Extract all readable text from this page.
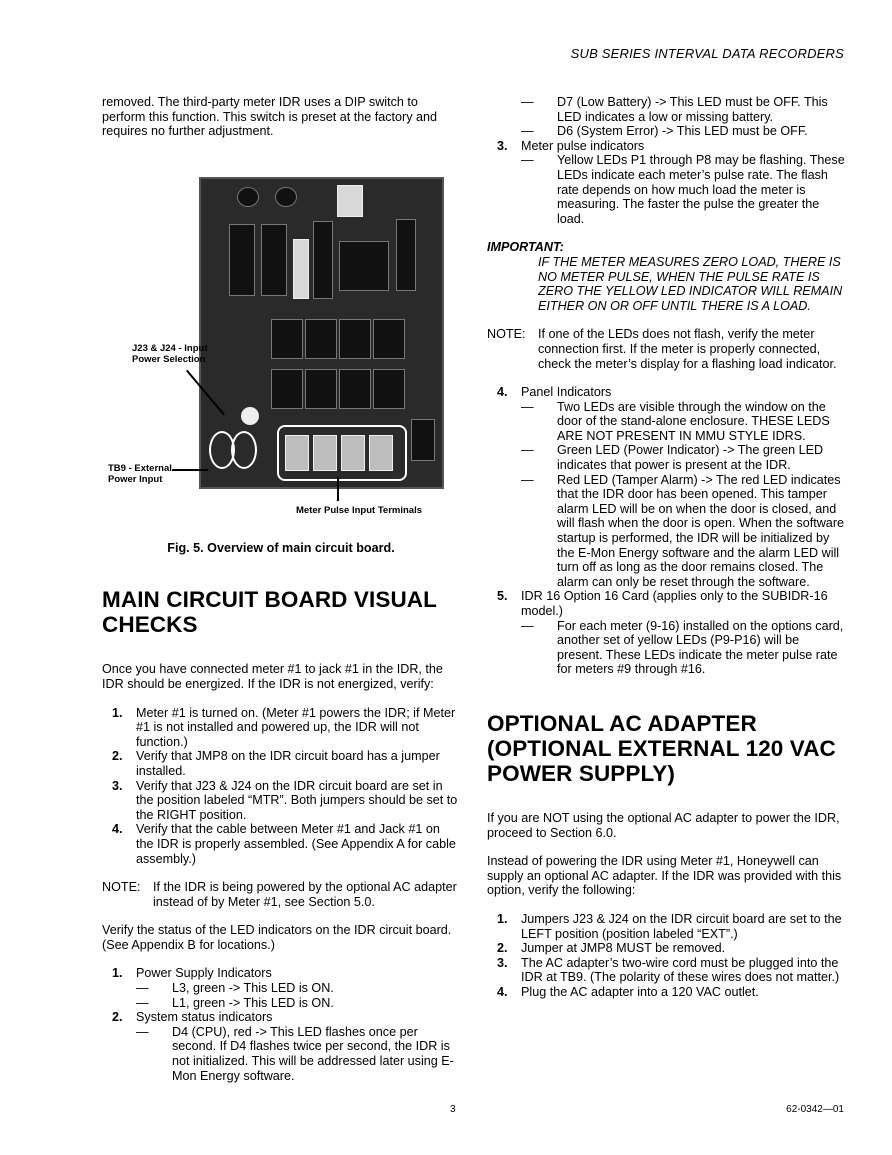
SUB SERIES INTERVAL DATA RECORDERS

removed. The third-party meter IDR uses a DIP switch to perform this function. This switch is preset at the factory and requires no further adjustment.

J23 & J24 - Input Power Selection
TB9 - External Power Input
Meter Pulse Input Terminals
Fig. 5. Overview of main circuit board.
MAIN CIRCUIT BOARD VISUAL CHECKS

Once you have connected meter #1 to jack #1 in the IDR, the IDR should be energized. If the IDR is not energized, verify:

1.	Meter #1 is turned on. (Meter #1 powers the IDR; if Meter #1 is not installed and powered up, the IDR will not function.)
2.	Verify that JMP8 on the IDR circuit board has a jumper installed.
3.	Verify that J23 & J24 on the IDR circuit board are set in the position labeled “MTR”. Both jumpers should be set to the RIGHT position.
4.	Verify that the cable between Meter #1 and Jack #1 on the IDR is properly assembled. (See Appendix A for cable assembly.)
NOTE: If the IDR is being powered by the optional AC adapter instead of by Meter #1, see Section 5.0.

Verify the status of the LED indicators on the IDR circuit board. (See Appendix B for locations.)

1.	Power Supply Indicators
—	L3, green -> This LED is ON.
—	L1, green -> This LED is ON.
2.	System status indicators
—	D4 (CPU), red -> This LED flashes once per second. If D4 flashes twice per second, the IDR is not initialized. This will be addressed later using E-Mon Energy software.
—	D7 (Low Battery) -> This LED must be OFF. This LED indicates a low or missing battery.
—	D6 (System Error) -> This LED must be OFF.
3.	Meter pulse indicators
—	Yellow LEDs P1 through P8 may be flashing. These LEDs indicate each meter’s pulse rate. The flash rate depends on how much load the meter is measuring. The faster the pulse the greater the load.
IMPORTANT:
IF THE METER MEASURES ZERO LOAD, THERE IS NO METER PULSE, WHEN THE PULSE RATE IS ZERO THE YELLOW LED INDICATOR WILL REMAIN EITHER ON OR OFF UNTIL THERE IS A LOAD.
NOTE: If one of the LEDs does not flash, verify the meter connection first. If the meter is properly connected, check the meter’s display for a flashing load indicator.
4.	Panel Indicators
—	Two LEDs are visible through the window on the door of the stand-alone enclosure. THESE LEDS ARE NOT PRESENT IN MMU STYLE IDRS.
—	Green LED (Power Indicator) -> The green LED indicates that power is present at the IDR.
—	Red LED (Tamper Alarm) -> The red LED indicates that the IDR door has been opened. This tamper alarm LED will be on when the door is closed, and will flash when the door is open. When the software startup is performed, the IDR will be initialized by the E-Mon Energy software and the alarm LED will turn off as long as the door remains closed. The alarm can only be reset through the software.
5.	IDR 16 Option 16 Card (applies only to the SUBIDR-16 model.)
—	For each meter (9-16) installed on the options card, another set of yellow LEDs (P9-P16) will be present. These LEDs indicate the meter pulse rate for meters #9 through #16.
OPTIONAL AC ADAPTER (OPTIONAL EXTERNAL 120 VAC POWER SUPPLY)

If you are NOT using the optional AC adapter to power the IDR, proceed to Section 6.0.

Instead of powering the IDR using Meter #1, Honeywell can supply an optional AC adapter. If the IDR was provided with this option, verify the following:

1.	Jumpers J23 & J24 on the IDR circuit board are set to the LEFT position (position labeled “EXT”.)
2.	Jumper at JMP8 MUST be removed.
3.	The AC adapter’s two-wire cord must be plugged into the IDR at TB9. (The polarity of these wires does not matter.)
4.	Plug the AC adapter into a 120 VAC outlet.
3	62-0342—01
